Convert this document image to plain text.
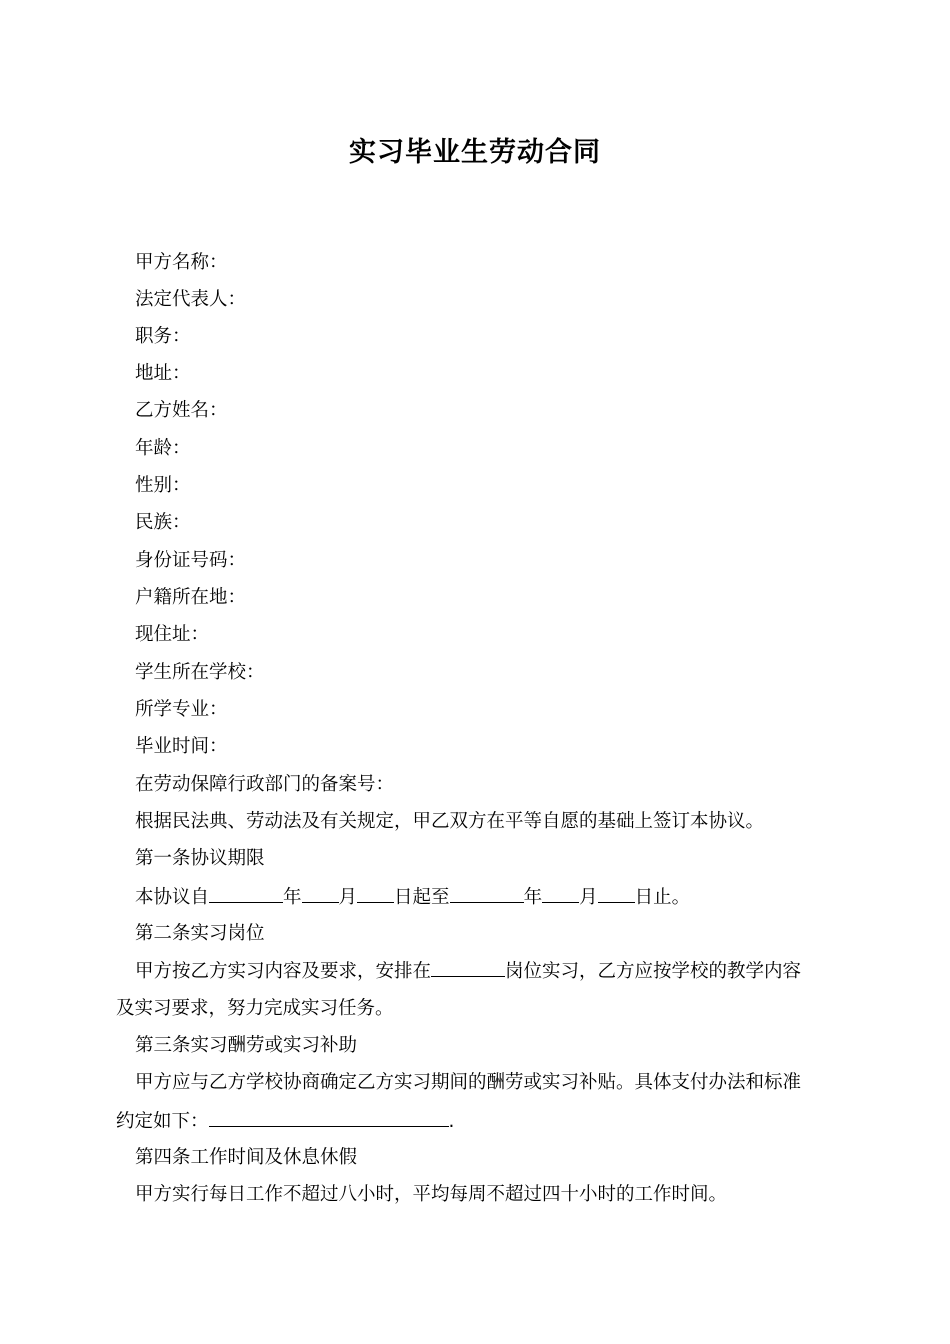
实习毕业生劳动合同
甲方名称：
法定代表人：
职务：
地址：
乙方姓名：
年龄：
性别：
民族：
身份证号码：
户籍所在地：
现住址：
学生所在学校：
所学专业：
毕业时间：
在劳动保障行政部门的备案号：
根据民法典、劳动法及有关规定，甲乙双方在平等自愿的基础上签订本协议。
第一条协议期限
本协议自	年 月 日起至	年 月 日止。
第二条实习岗位
甲方按乙方实习内容及要求，安排在	岗位实习，乙方应按学校的教学内容
及实习要求，努力完成实习任务。
第三条实习酬劳或实习补助
甲方应与乙方学校协商确定乙方实习期间的酬劳或实习补贴。具体支付办法和标准
约定如下：	.
第四条工作时间及休息休假
甲方实行每日工作不超过八小时，平均每周不超过四十小时的工作时间。
